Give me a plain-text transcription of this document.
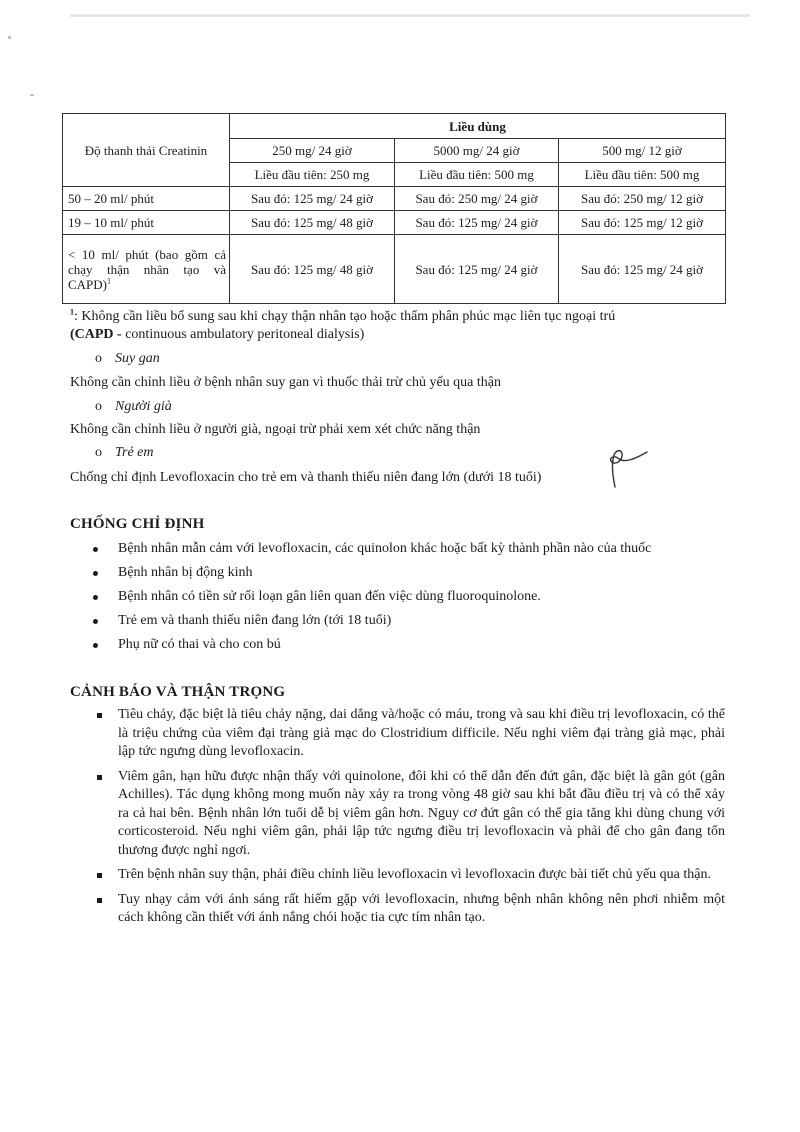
Độ thanh thải Creatinin	Liều dùng		
	250 mg/ 24 giờ	5000 mg/ 24 giờ	500 mg/ 12 giờ
	Liều đầu tiên: 250 mg	Liều đầu tiên: 500 mg	Liều đầu tiên: 500 mg
50 – 20 ml/ phút	Sau đó: 125 mg/ 24 giờ	Sau đó: 250 mg/ 24 giờ	Sau đó: 250 mg/ 12 giờ
19 – 10 ml/ phút	Sau đó: 125 mg/ 48 giờ	Sau đó: 125 mg/ 24 giờ	Sau đó: 125 mg/ 12 giờ
< 10 ml/ phút (bao gồm cả chạy thận nhân tạo và CAPD)$^1$	Sau đó: 125 mg/ 48 giờ	Sau đó: 125 mg/ 24 giờ	Sau đó: 125 mg/ 24 giờ
$^1$: Không cần liều bổ sung sau khi chạy thận nhân tạo hoặc thẩm phân phúc mạc liên tục ngoại trú
(CAPD - continuous ambulatory peritoneal dialysis)
o Suy gan
Không cần chỉnh liều ở bệnh nhân suy gan vì thuốc thải trừ chủ yếu qua thận
o Người già
Không cần chỉnh liều ở người già, ngoại trừ phải xem xét chức năng thận
o Trẻ em
Chống chỉ định Levofloxacin cho trẻ em và thanh thiếu niên đang lớn (dưới 18 tuổi)
CHỐNG CHỈ ĐỊNH
Bệnh nhân mẫn cảm với levofloxacin, các quinolon khác hoặc bất kỳ thành phần nào của thuốc
Bệnh nhân bị động kinh
Bệnh nhân có tiền sử rối loạn gân liên quan đến việc dùng fluoroquinolone.
Trẻ em và thanh thiếu niên đang lớn (tới 18 tuổi)
Phụ nữ có thai và cho con bú
CẢNH BÁO VÀ THẬN TRỌNG
Tiêu chảy, đặc biệt là tiêu chảy nặng, dai dẳng và/hoặc có máu, trong và sau khi điều trị levofloxacin, có thể là triệu chứng của viêm đại tràng giả mạc do Clostridium difficile. Nếu nghi viêm đại tràng giả mạc, phải lập tức ngưng dùng levofloxacin.
Viêm gân, hạn hữu được nhận thấy với quinolone, đôi khi có thể dẫn đến đứt gân, đặc biệt là gân gót (gân Achilles). Tác dụng không mong muốn này xảy ra trong vòng 48 giờ sau khi bắt đầu điều trị và có thể xảy ra cả hai bên. Bệnh nhân lớn tuổi dễ bị viêm gân hơn. Nguy cơ đứt gân có thể gia tăng khi dùng chung với corticosteroid. Nếu nghi viêm gân, phải lập tức ngưng điều trị levofloxacin và phải để cho gân đang tổn thương được nghỉ ngơi.
Trên bệnh nhân suy thận, phải điều chỉnh liều levofloxacin vì levofloxacin được bài tiết chủ yếu qua thận.
Tuy nhạy cảm với ánh sáng rất hiếm gặp với levofloxacin, nhưng bệnh nhân không nên phơi nhiễm một cách không cần thiết với ánh nắng chói hoặc tia cực tím nhân tạo.
